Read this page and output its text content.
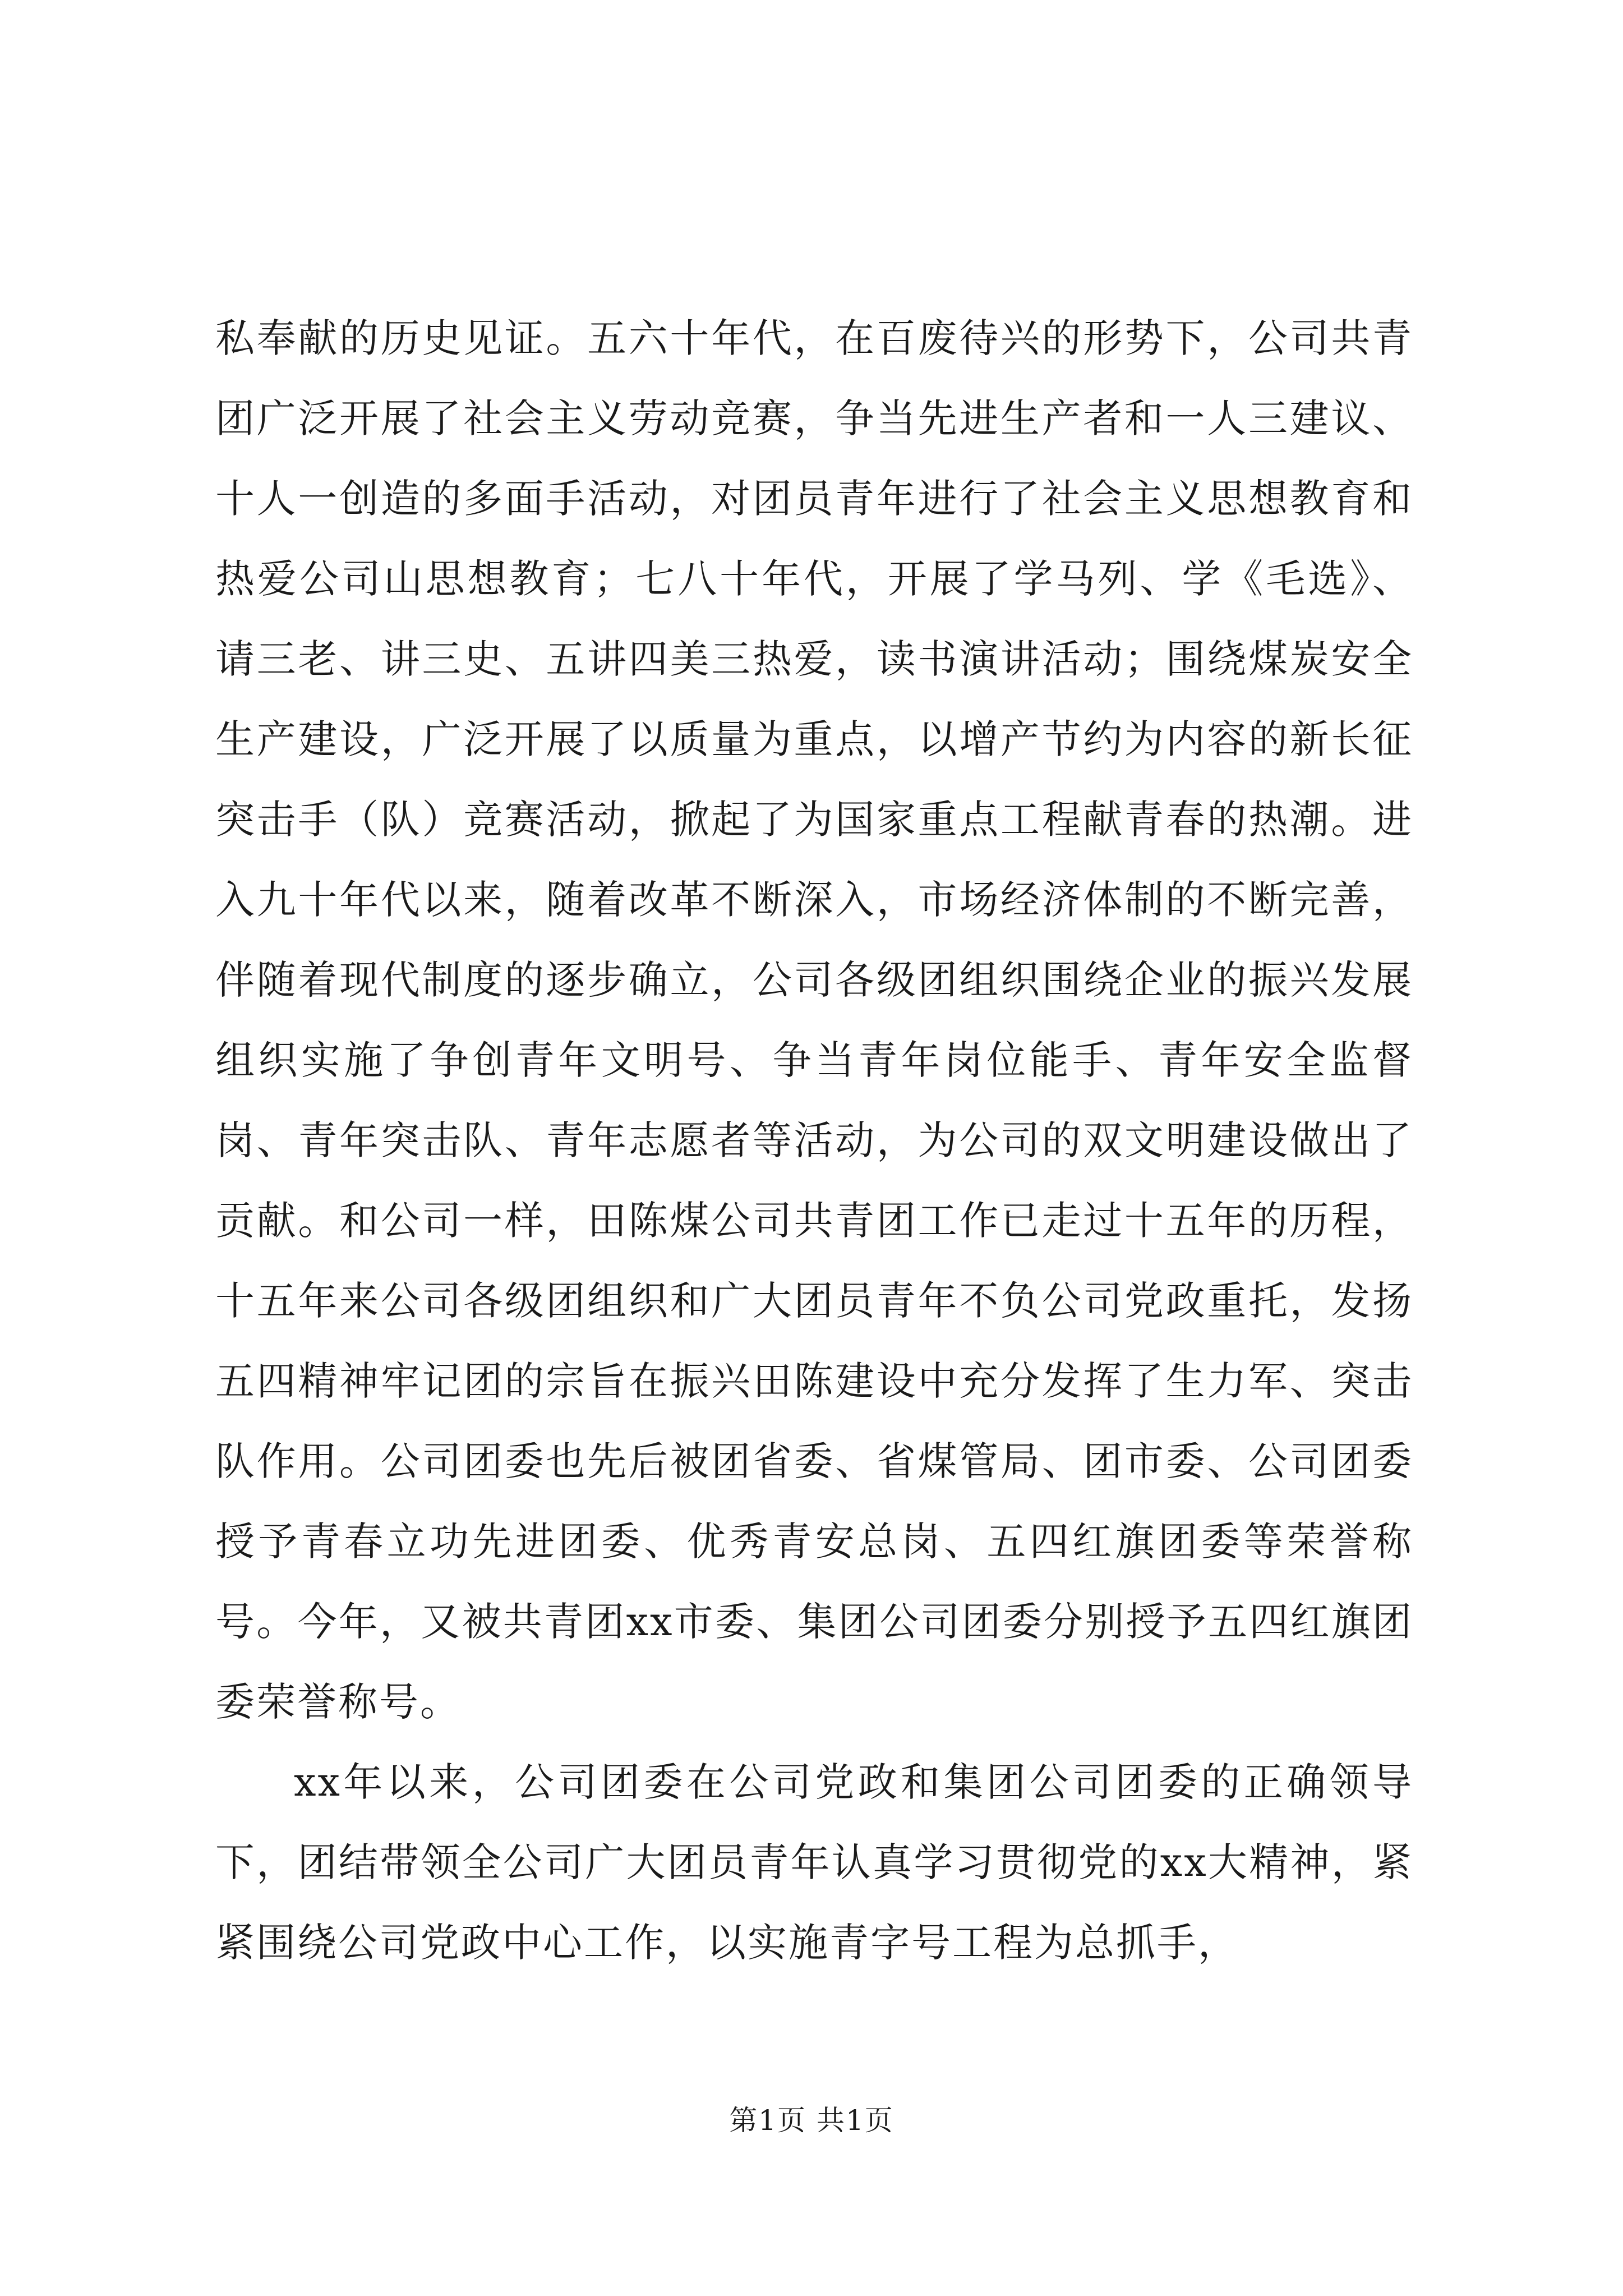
私奉献的历史见证。五六十年代，在百废待兴的形势下，公司共青团广泛开展了社会主义劳动竞赛，争当先进生产者和一人三建议、十人一创造的多面手活动，对团员青年进行了社会主义思想教育和热爱公司山思想教育；七八十年代，开展了学马列、学《毛选》、请三老、讲三史、五讲四美三热爱，读书演讲活动；围绕煤炭安全生产建设，广泛开展了以质量为重点，以增产节约为内容的新长征突击手（队）竞赛活动，掀起了为国家重点工程献青春的热潮。进入九十年代以来，随着改革不断深入，市场经济体制的不断完善，伴随着现代制度的逐步确立，公司各级团组织围绕企业的振兴发展组织实施了争创青年文明号、争当青年岗位能手、青年安全监督岗、青年突击队、青年志愿者等活动，为公司的双文明建设做出了贡献。和公司一样，田陈煤公司共青团工作已走过十五年的历程，十五年来公司各级团组织和广大团员青年不负公司党政重托，发扬五四精神牢记团的宗旨在振兴田陈建设中充分发挥了生力军、突击队作用。公司团委也先后被团省委、省煤管局、团市委、公司团委授予青春立功先进团委、优秀青安总岗、五四红旗团委等荣誉称号。今年，又被共青团xx市委、集团公司团委分别授予五四红旗团委荣誉称号。

xx年以来，公司团委在公司党政和集团公司团委的正确领导下，团结带领全公司广大团员青年认真学习贯彻党的xx大精神，紧紧围绕公司党政中心工作，以实施青字号工程为总抓手，

第1页 共1页
